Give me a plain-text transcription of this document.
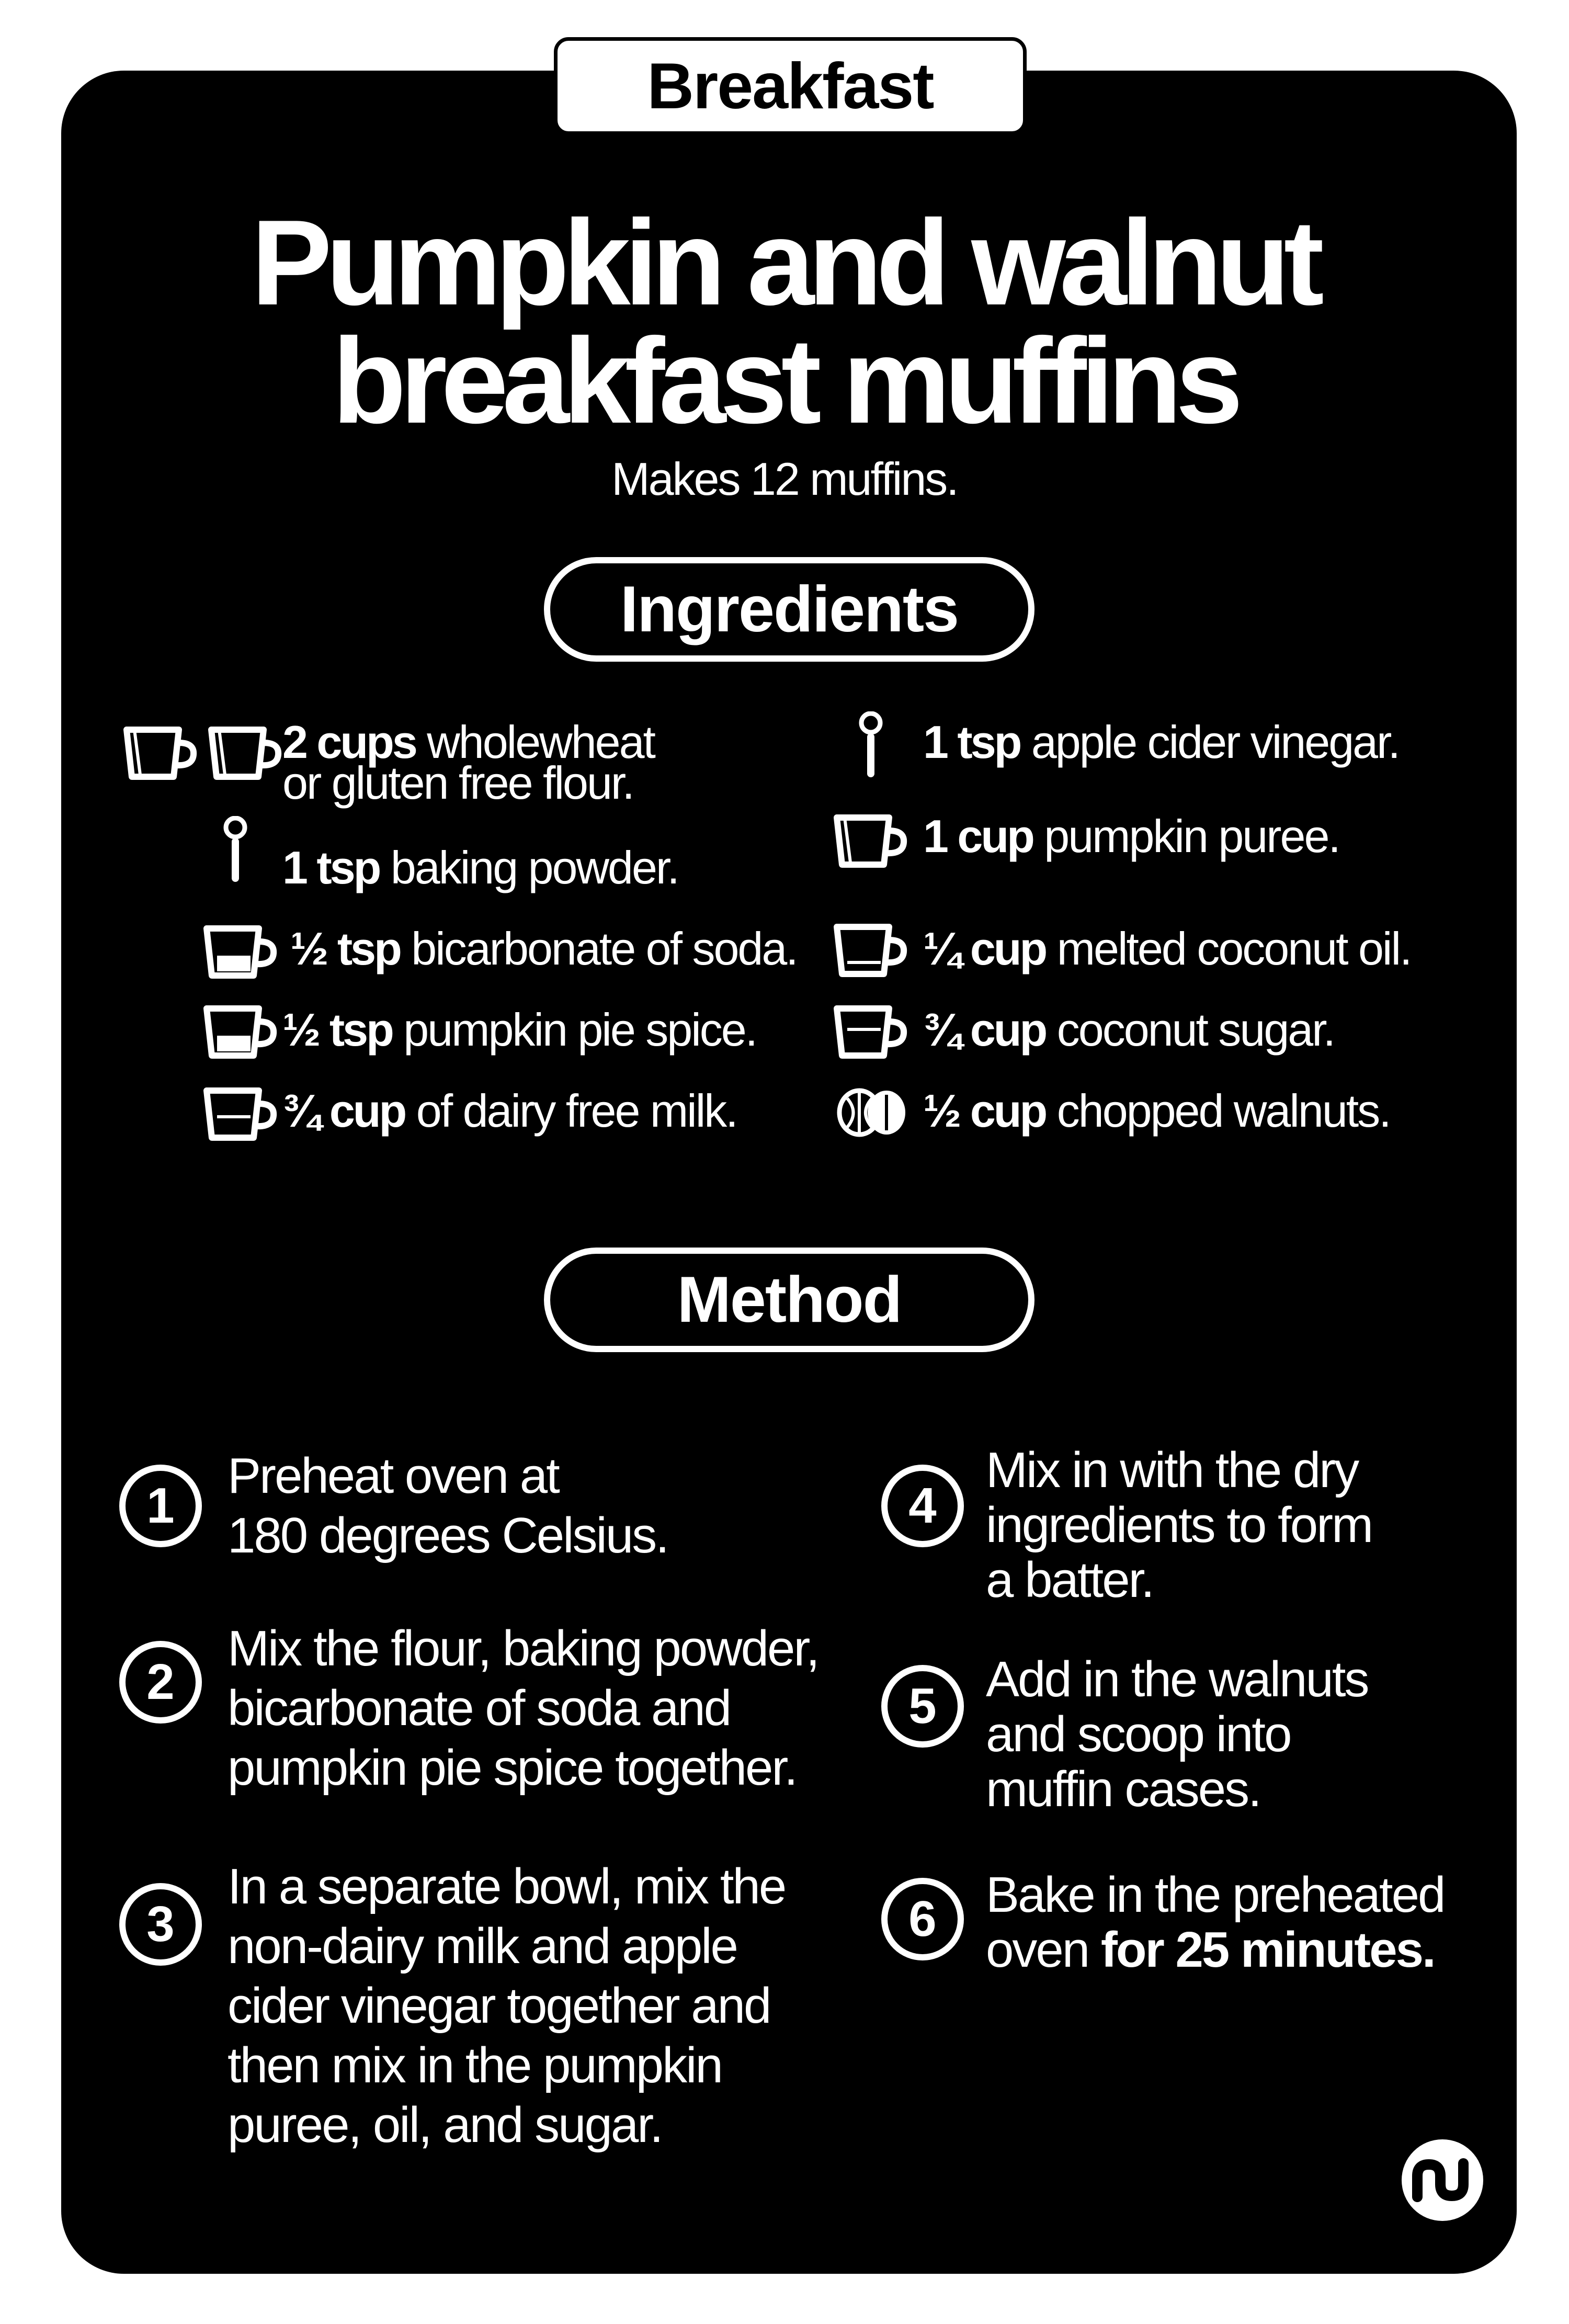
Breakfast
Pumpkin and walnut
breakfast muffins
Makes 12 muffins.
Ingredients
2 cups wholewheat
or gluten free flour.
1 tsp baking powder.
½ tsp bicarbonate of soda.
½ tsp pumpkin pie spice.
¾ cup of dairy free milk.
1 tsp apple cider vinegar.
1 cup pumpkin puree.
¼ cup melted coconut oil.
¾ cup coconut sugar.
½ cup chopped walnuts.
Method
1
Preheat oven at
180 degrees Celsius.
2
Mix the flour, baking powder,
bicarbonate of soda and
pumpkin pie spice together.
3
In a separate bowl, mix the
non-dairy milk and apple
cider vinegar together and
then mix in the pumpkin
puree, oil, and sugar.
4
Mix in with the dry
ingredients to form
a batter.
5 Add in the walnuts
and scoop into
muffin cases.
6 Bake in the preheated
oven for 25 minutes.
